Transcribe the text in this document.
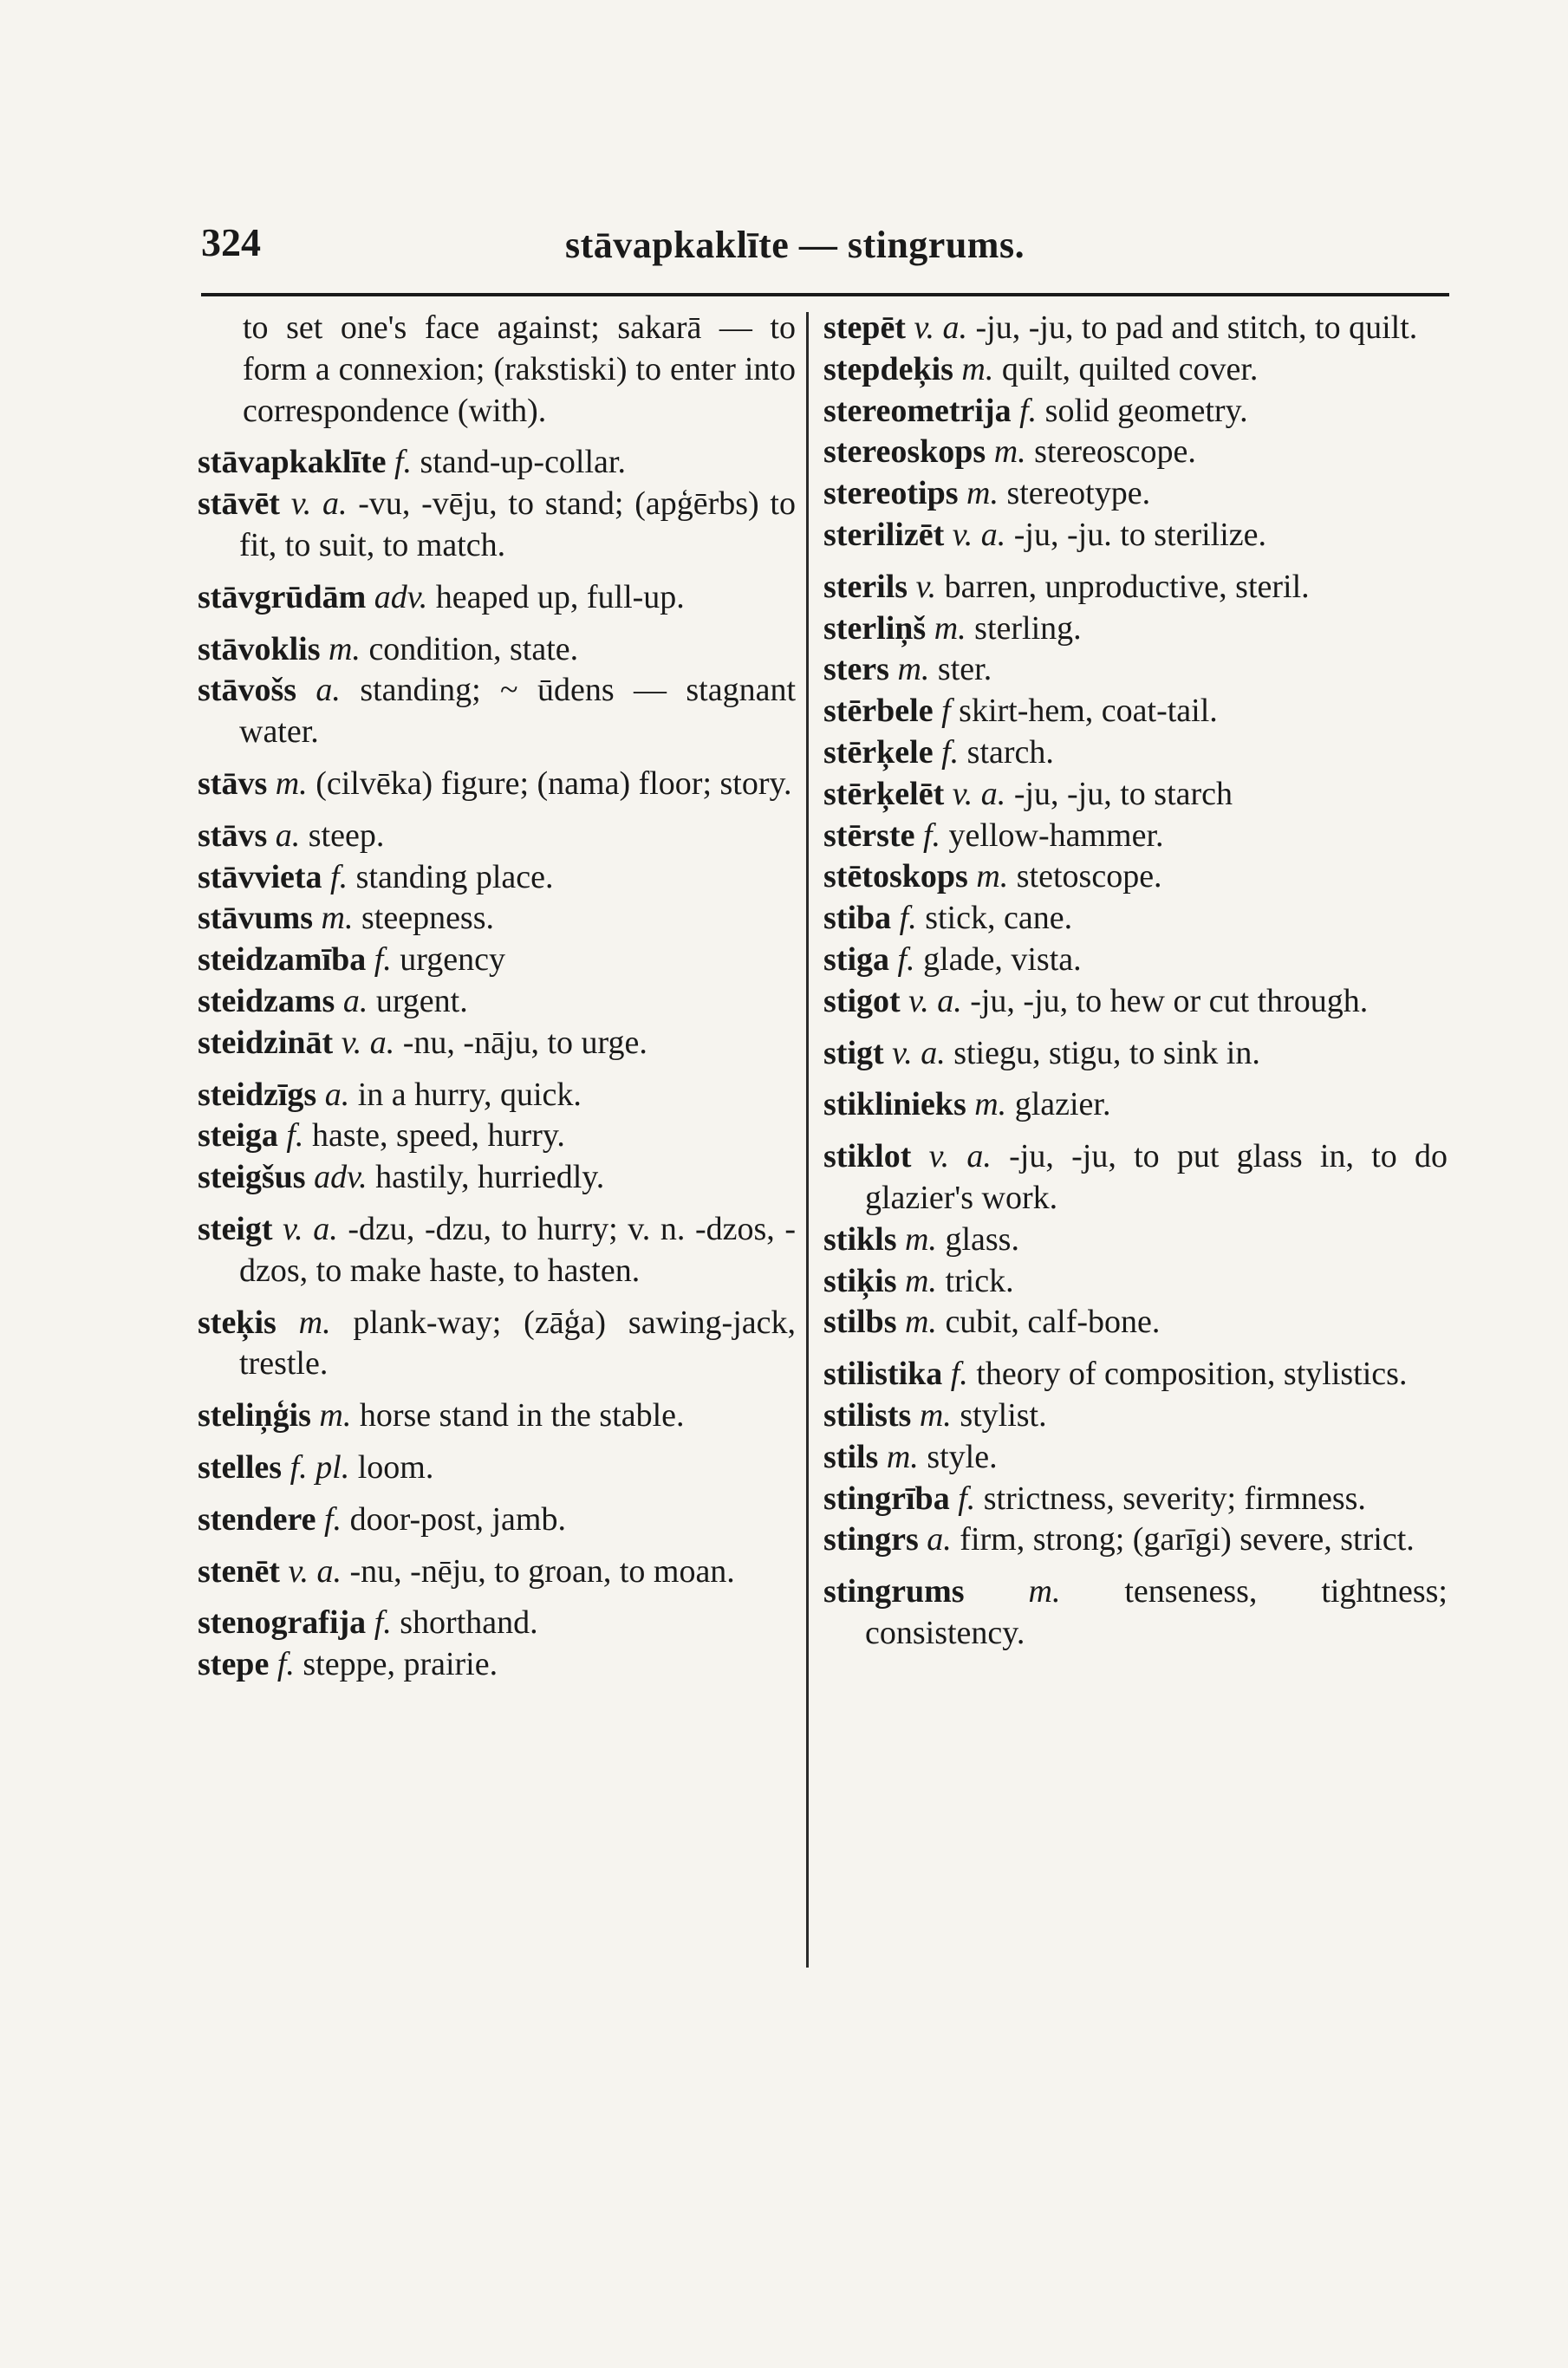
324	stāvapkaklīte — stingrums.

to set one's face against; sakarā — to form a connexion; (rakstiski) to enter into correspondence (with).

stāvapkaklīte f. stand-up-collar.

stāvēt v. a. -vu, -vēju, to stand; (apģērbs) to fit, to suit, to match.

stāvgrūdām adv. heaped up, full-up.

stāvoklis m. condition, state.

stāvošs a. standing; ~ ūdens — stagnant water.

stāvs m. (cilvēka) figure; (nama) floor; story.

stāvs a. steep.

stāvvieta f. standing place.

stāvums m. steepness.

steidzamība f. urgency

steidzams a. urgent.

steidzināt v. a. -nu, -nāju, to urge.

steidzīgs a. in a hurry, quick.

steiga f. haste, speed, hurry.

steigšus adv. hastily, hurriedly.

steigt v. a. -dzu, -dzu, to hurry; v. n. -dzos, -dzos, to make haste, to hasten.

steķis m. plank-way; (zāģa) sawing-jack, trestle.

steliņģis m. horse stand in the stable.

stelles f. pl. loom.

stendere f. door-post, jamb.

stenēt v. a. -nu, -nēju, to groan, to moan.

stenografija f. shorthand.

stepe f. steppe, prairie.

stepēt v. a. -ju, -ju, to pad and stitch, to quilt.

stepdeķis m. quilt, quilted cover.

stereometrija f. solid geometry.

stereoskops m. stereoscope.

stereotips m. stereotype.

sterilizēt v. a. -ju, -ju. to sterilize.

sterils v. barren, unproductive, steril.

sterliņš m. sterling.

sters m. ster.

stērbele f skirt-hem, coat-tail.

stērķele f. starch.

stērķelēt v. a. -ju, -ju, to starch

stērste f. yellow-hammer.

stētoskops m. stetoscope.

stiba f. stick, cane.

stiga f. glade, vista.

stigot v. a. -ju, -ju, to hew or cut through.

stigt v. a. stiegu, stigu, to sink in.

stiklinieks m. glazier.

stiklot v. a. -ju, -ju, to put glass in, to do glazier's work.

stikls m. glass.

stiķis m. trick.

stilbs m. cubit, calf-bone.

stilistika f. theory of composition, stylistics.

stilists m. stylist.

stils m. style.

stingrība f. strictness, severity; firmness.

stingrs a. firm, strong; (garīgi) severe, strict.

stingrums m. tenseness, tightness; consistency.
